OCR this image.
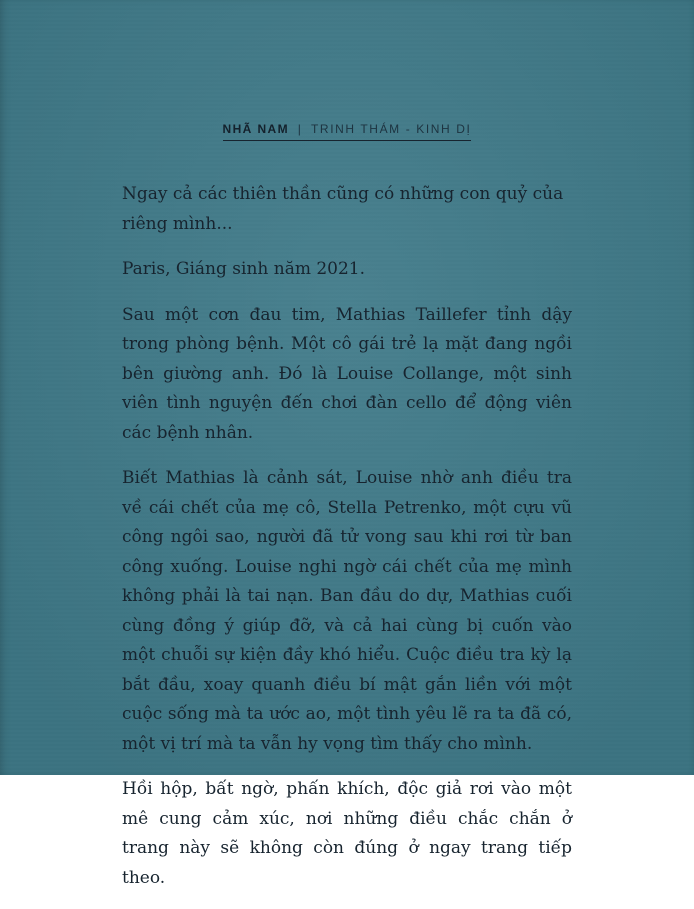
NHÃ NAM | TRINH THÁM - KINH DỊ

Ngay cả các thiên thần cũng có những con quỷ của riêng mình...

Paris, Giáng sinh năm 2021.

Sau một cơn đau tim, Mathias Taillefer tỉnh dậy trong phòng bệnh. Một cô gái trẻ lạ mặt đang ngồi bên giường anh. Đó là Louise Collange, một sinh viên tình nguyện đến chơi đàn cello để động viên các bệnh nhân.

Biết Mathias là cảnh sát, Louise nhờ anh điều tra về cái chết của mẹ cô, Stella Petrenko, một cựu vũ công ngôi sao, người đã tử vong sau khi rơi từ ban công xuống. Louise nghi ngờ cái chết của mẹ mình không phải là tai nạn. Ban đầu do dự, Mathias cuối cùng đồng ý giúp đỡ, và cả hai cùng bị cuốn vào một chuỗi sự kiện đầy khó hiểu. Cuộc điều tra kỳ lạ bắt đầu, xoay quanh điều bí mật gắn liền với một cuộc sống mà ta ước ao, một tình yêu lẽ ra ta đã có, một vị trí mà ta vẫn hy vọng tìm thấy cho mình.

Hồi hộp, bất ngờ, phấn khích, độc giả rơi vào một mê cung cảm xúc, nơi những điều chắc chắn ở trang này sẽ không còn đúng ở ngay trang tiếp theo.
